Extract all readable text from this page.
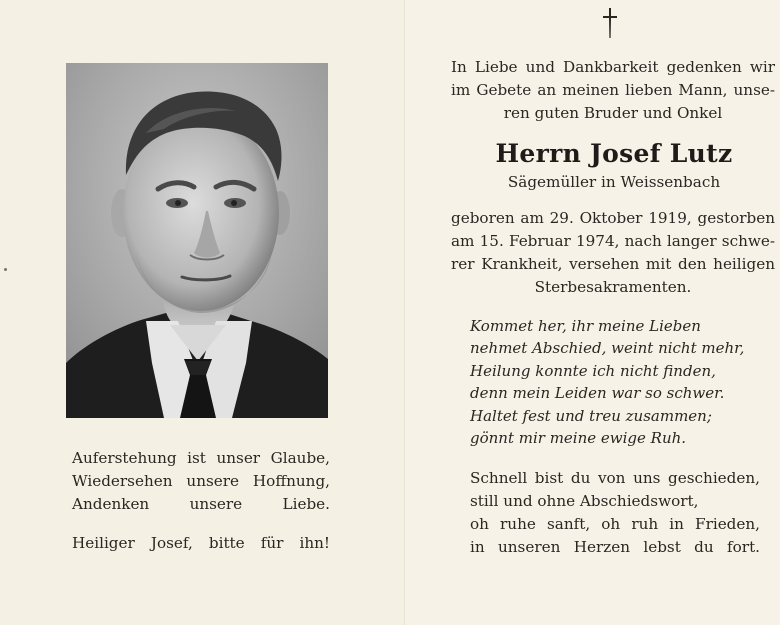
Auferstehung ist unser Glaube,
Wiedersehen unsere Hoffnung,
Andenken unsere Liebe.

Heiliger Josef, bitte für ihn!

In Liebe und Dankbarkeit gedenken wir
im Gebete an meinen lieben Mann, unse-
ren guten Bruder und Onkel
Herrn Josef Lutz

Sägemüller in Weissenbach

geboren am 29. Oktober 1919, gestorben
am 15. Februar 1974, nach langer schwe-
rer Krankheit, versehen mit den heiligen
Sterbesakramenten.
Kommet her, ihr meine Lieben
nehmet Abschied, weint nicht mehr,
Heilung konnte ich nicht finden,
denn mein Leiden war so schwer.
Haltet fest und treu zusammen;
gönnt mir meine ewige Ruh.
Schnell bist du von uns geschieden,
still und ohne Abschiedswort,
oh ruhe sanft, oh ruh in Frieden,
in unseren Herzen lebst du fort.
